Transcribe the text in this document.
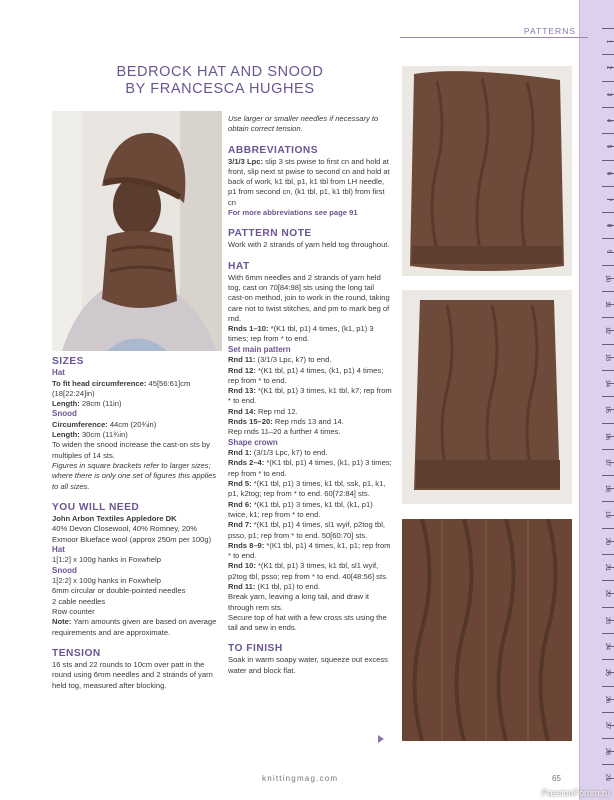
1
2
3
4
5
6
7
8
9
10
11
12
13
14
15
16
17
18
19
20
21
22
23
24
25
26
27
28
29
PATTERNS
BEDROCK HAT AND SNOOD
BY FRANCESCA HUGHES

SIZES

Hat

To fit head circumference: 45[56:61]cm (18[22:24]in)

Length: 28cm (11in)

Snood

Circumference: 44cm (20¾in)

Length: 30cm (11¾in)

To widen the snood increase the cast-on sts by multiples of 14 sts.

Figures in square brackets refer to larger sizes; where there is only one set of figures this applies to all sizes.

YOU WILL NEED

John Arbon Textiles Appledore DK

40% Devon Closewool, 40% Romney, 20% Exmoor Blueface wool (approx 250m per 100g)

Hat

1[1:2] x 100g hanks in Foxwhelp

Snood

1[2:2] x 100g hanks in Foxwhelp

6mm circular or double-pointed needles

2 cable needles

Row counter

Note: Yarn amounts given are based on average requirements and are approximate.

TENSION

16 sts and 22 rounds to 10cm over patt in the round using 6mm needles and 2 strands of yarn held tog, measured after blocking.

Use larger or smaller needles if necessary to obtain correct tension.

ABBREVIATIONS

3/1/3 Lpc: slip 3 sts pwise to first cn and hold at front, slip next st pwise to second cn and hold at back of work, k1 tbl, p1, k1 tbl from LH needle, p1 from second cn, (k1 tbl, p1, k1 tbl) from first cn

For more abbreviations see page 91

PATTERN NOTE

Work with 2 strands of yarn held tog throughout.

HAT

With 6mm needles and 2 strands of yarn held tog, cast on 70[84:98] sts using the long tail cast-on method, join to work in the round, taking care not to twist stitches, and pm to mark beg of rnd.

Rnds 1–10: *(K1 tbl, p1) 4 times, (k1, p1) 3 times; rep from * to end.

Set main pattern

Rnd 11: (3/1/3 Lpc, k7) to end.

Rnd 12: *(K1 tbl, p1) 4 times, (k1, p1) 4 times; rep from * to end.

Rnd 13: *(K1 tbl, p1) 3 times, k1 tbl, k7; rep from * to end.

Rnd 14: Rep rnd 12.

Rnds 15–20: Rep rnds 13 and 14.

Rep rnds 11–20 a further 4 times.

Shape crown

Rnd 1: (3/1/3 Lpc, k7) to end.

Rnds 2–4: *(K1 tbl, p1) 4 times, (k1, p1) 3 times; rep from * to end.

Rnd 5: *(K1 tbl, p1) 3 times, k1 tbl, ssk, p1, k1, p1, k2tog; rep from * to end. 60[72:84] sts.

Rnd 6: *(K1 tbl, p1) 3 times, k1 tbl, (k1, p1) twice, k1; rep from * to end.

Rnd 7: *(K1 tbl, p1) 4 times, sl1 wyif, p2tog tbl, psso, p1; rep from * to end. 50[60:70] sts.

Rnds 8–9: *(K1 tbl, p1) 4 times, k1, p1; rep from * to end.

Rnd 10: *(K1 tbl, p1) 3 times, k1 tbl, sl1 wyif, p2tog tbl, psso; rep from * to end. 40[48:56] sts.

Rnd 11: (K1 tbl, p1) to end.

Break yarn, leaving a long tail, and draw it through rem sts.

Secure top of hat with a few cross sts using the tail and sew in ends.

TO FINISH

Soak in warm soapy water, squeeze out excess water and block flat.

knittingmag.com	65
PassionForum.ru
